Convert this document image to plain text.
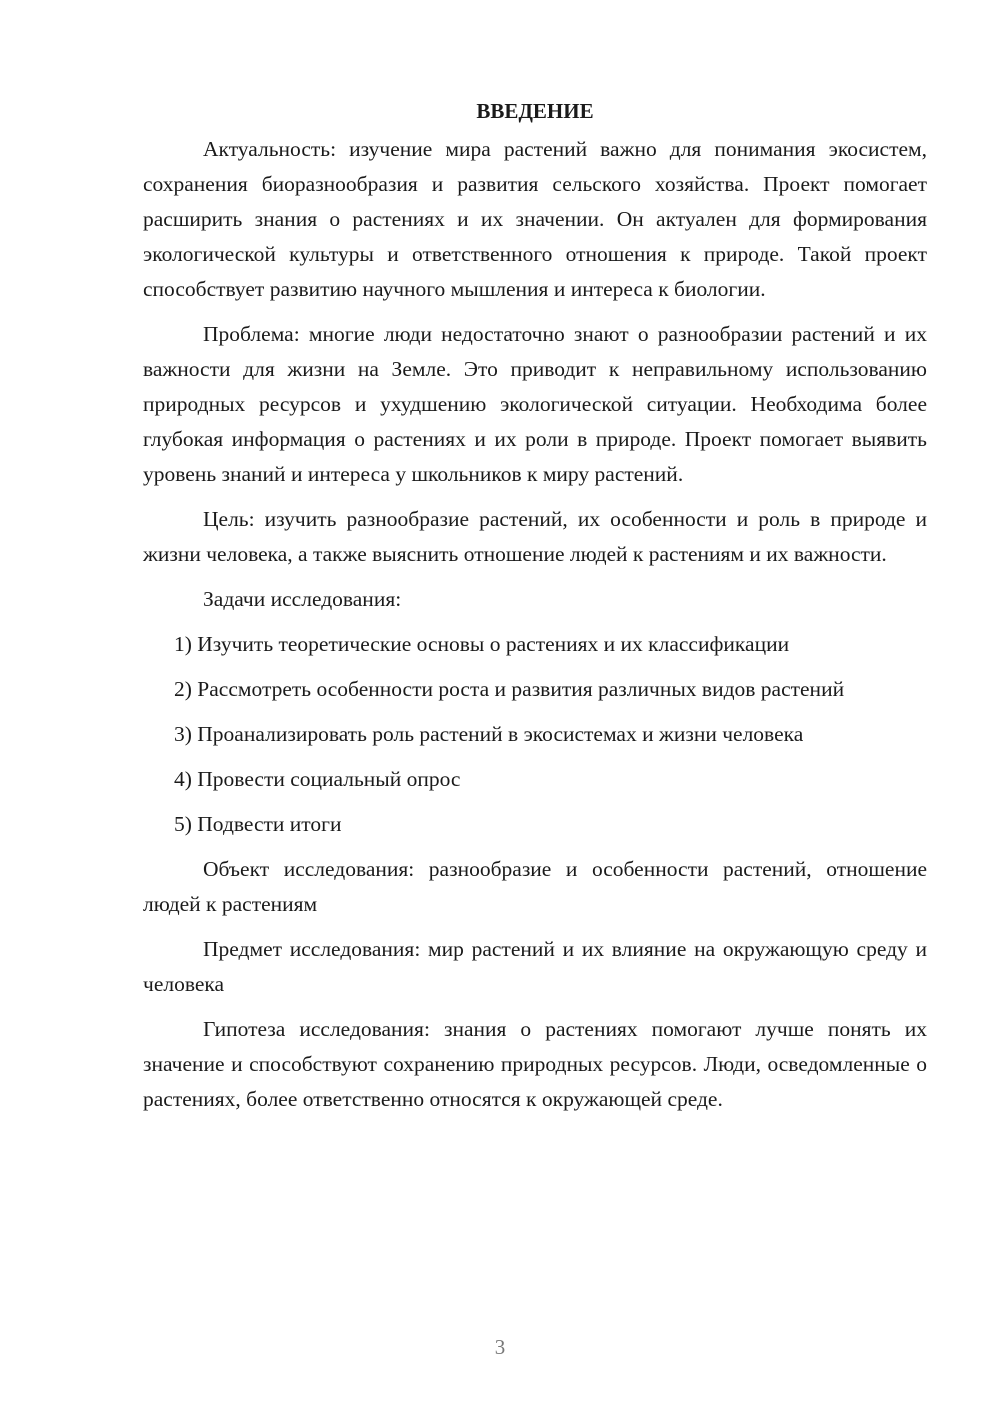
ВВЕДЕНИЕ

Актуальность: изучение мира растений важно для понимания экосистем, сохранения биоразнообразия и развития сельского хозяйства. Проект помогает расширить знания о растениях и их значении. Он актуален для формирования экологической культуры и ответственного отношения к природе. Такой проект способствует развитию научного мышления и интереса к биологии.

Проблема: многие люди недостаточно знают о разнообразии растений и их важности для жизни на Земле. Это приводит к неправильному использованию природных ресурсов и ухудшению экологической ситуации. Необходима более глубокая информация о растениях и их роли в природе. Проект помогает выявить уровень знаний и интереса у школьников к миру растений.

Цель: изучить разнообразие растений, их особенности и роль в природе и жизни человека, а также выяснить отношение людей к растениям и их важности.

Задачи исследования:

1) Изучить теоретические основы о растениях и их классификации

2) Рассмотреть особенности роста и развития различных видов растений

3) Проанализировать роль растений в экосистемах и жизни человека

4) Провести социальный опрос

5) Подвести итоги

Объект исследования: разнообразие и особенности растений, отношение людей к растениям

Предмет исследования: мир растений и их влияние на окружающую среду и человека

Гипотеза исследования: знания о растениях помогают лучше понять их значение и способствуют сохранению природных ресурсов. Люди, осведомленные о растениях, более ответственно относятся к окружающей среде.

3
